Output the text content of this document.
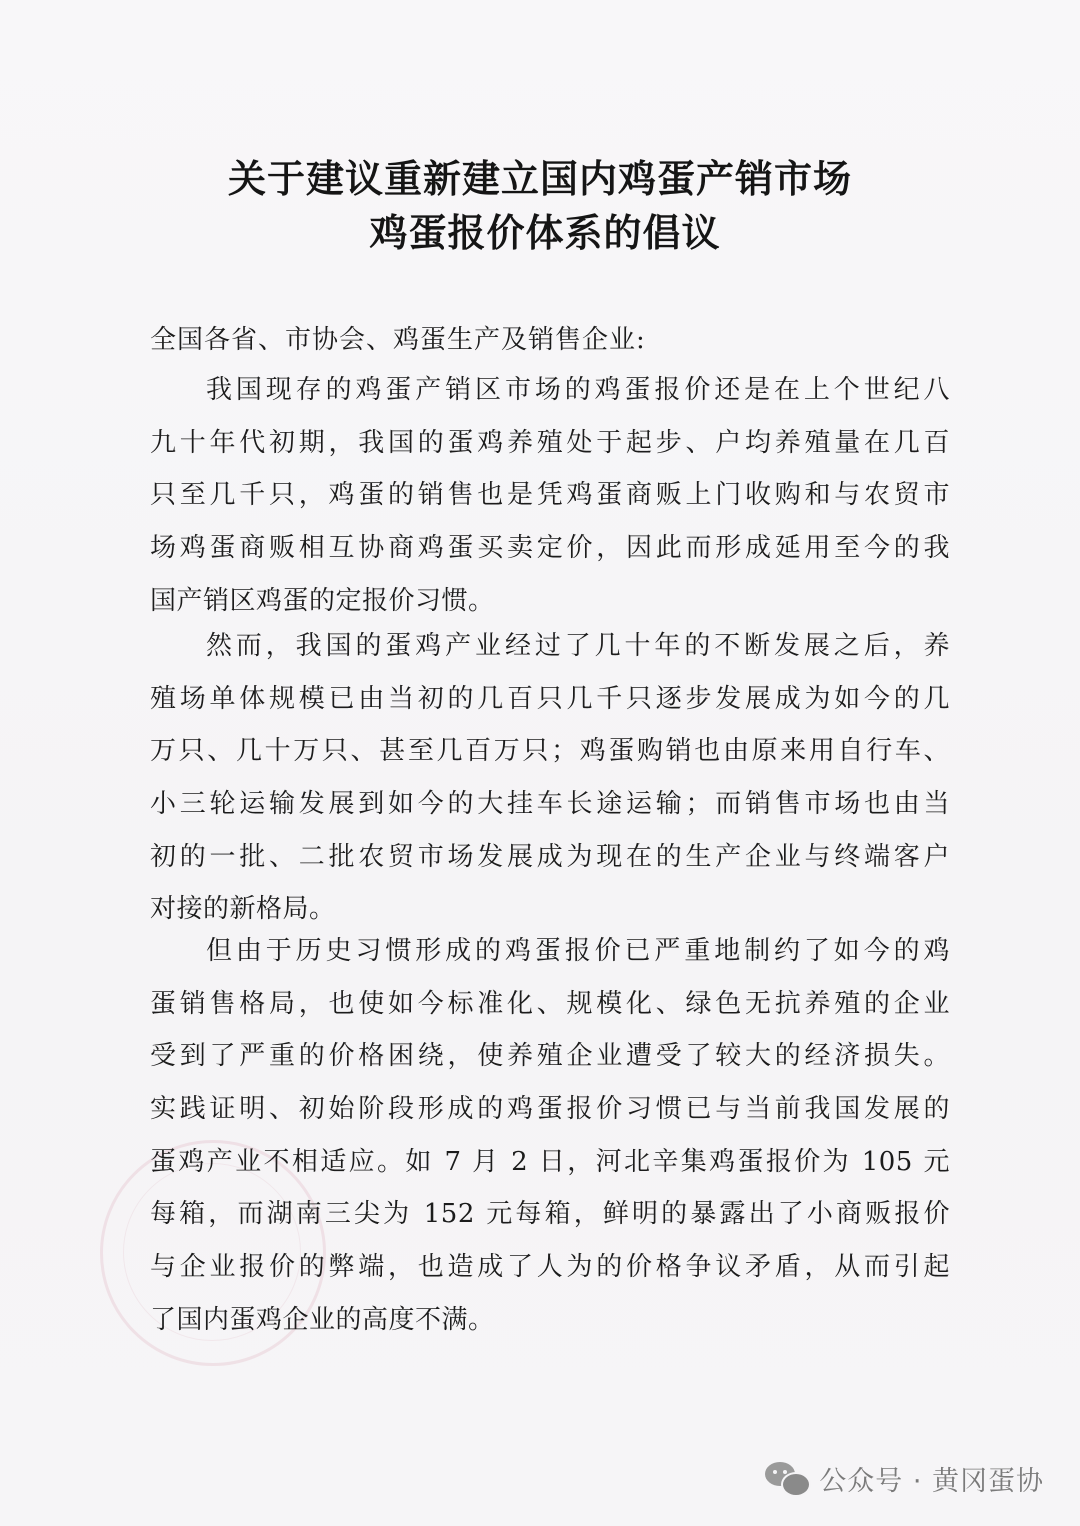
关于建议重新建立国内鸡蛋产销市场
鸡蛋报价体系的倡议
全国各省、市协会、鸡蛋生产及销售企业:
我国现存的鸡蛋产销区市场的鸡蛋报价还是在上个世纪八
九十年代初期，我国的蛋鸡养殖处于起步、户均养殖量在几百
只至几千只，鸡蛋的销售也是凭鸡蛋商贩上门收购和与农贸市
场鸡蛋商贩相互协商鸡蛋买卖定价，因此而形成延用至今的我
国产销区鸡蛋的定报价习惯。
然而，我国的蛋鸡产业经过了几十年的不断发展之后，养
殖场单体规模已由当初的几百只几千只逐步发展成为如今的几
万只、几十万只、甚至几百万只；鸡蛋购销也由原来用自行车、
小三轮运输发展到如今的大挂车长途运输；而销售市场也由当
初的一批、二批农贸市场发展成为现在的生产企业与终端客户
对接的新格局。
但由于历史习惯形成的鸡蛋报价已严重地制约了如今的鸡
蛋销售格局，也使如今标准化、规模化、绿色无抗养殖的企业
受到了严重的价格困绕，使养殖企业遭受了较大的经济损失。
实践证明、初始阶段形成的鸡蛋报价习惯已与当前我国发展的
蛋鸡产业不相适应。如 7 月 2 日，河北辛集鸡蛋报价为 105 元
每箱，而湖南三尖为 152 元每箱，鲜明的暴露出了小商贩报价
与企业报价的弊端，也造成了人为的价格争议矛盾，从而引起
了国内蛋鸡企业的高度不满。
公众号 · 黄冈蛋协
